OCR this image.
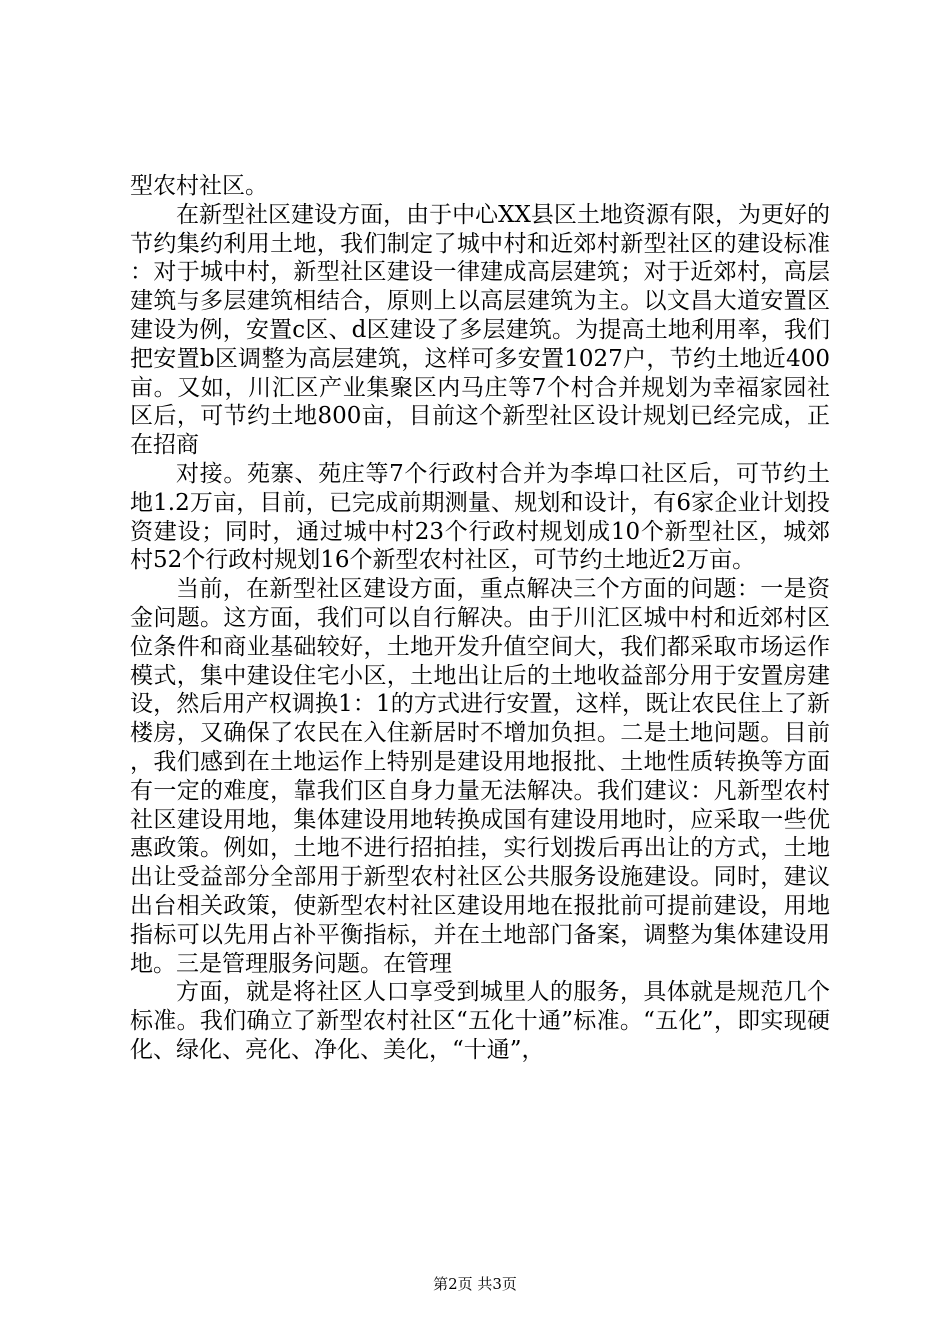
型农村社区。

在新型社区建设方面，由于中心XX县区土地资源有限，为更好的节约集约利用土地，我们制定了城中村和近郊村新型社区的建设标准：对于城中村，新型社区建设一律建成高层建筑；对于近郊村，高层建筑与多层建筑相结合，原则上以高层建筑为主。以文昌大道安置区建设为例，安置c区、d区建设了多层建筑。为提高土地利用率，我们把安置b区调整为高层建筑，这样可多安置1027户，节约土地近400亩。又如，川汇区产业集聚区内马庄等7个村合并规划为幸福家园社区后，可节约土地800亩，目前这个新型社区设计规划已经完成，正在招商

对接。苑寨、苑庄等7个行政村合并为李埠口社区后，可节约土地1.2万亩，目前，已完成前期测量、规划和设计，有6家企业计划投资建设；同时，通过城中村23个行政村规划成10个新型社区，城郊村52个行政村规划16个新型农村社区，可节约土地近2万亩。

当前，在新型社区建设方面，重点解决三个方面的问题：一是资金问题。这方面，我们可以自行解决。由于川汇区城中村和近郊村区位条件和商业基础较好，土地开发升值空间大，我们都采取市场运作模式，集中建设住宅小区，土地出让后的土地收益部分用于安置房建设，然后用产权调换1：1的方式进行安置，这样，既让农民住上了新楼房，又确保了农民在入住新居时不增加负担。二是土地问题。目前，我们感到在土地运作上特别是建设用地报批、土地性质转换等方面有一定的难度，靠我们区自身力量无法解决。我们建议：凡新型农村社区建设用地，集体建设用地转换成国有建设用地时，应采取一些优惠政策。例如，土地不进行招拍挂，实行划拨后再出让的方式，土地出让受益部分全部用于新型农村社区公共服务设施建设。同时，建议出台相关政策，使新型农村社区建设用地在报批前可提前建设，用地指标可以先用占补平衡指标，并在土地部门备案，调整为集体建设用地。三是管理服务问题。在管理

方面，就是将社区人口享受到城里人的服务，具体就是规范几个标准。我们确立了新型农村社区“五化十通”标准。“五化”，即实现硬化、绿化、亮化、净化、美化，“十通”，

第2页 共3页
